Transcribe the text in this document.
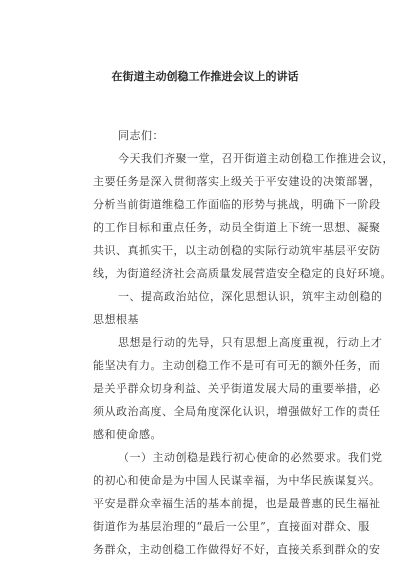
在街道主动创稳工作推进会议上的讲话
同志们：
今天我们齐聚一堂，召开街道主动创稳工作推进会议，
主要任务是深入贯彻落实上级关于平安建设的决策部署，
分析当前街道维稳工作面临的形势与挑战，明确下一阶段
的工作目标和重点任务，动员全街道上下统一思想、凝聚
共识、真抓实干，以主动创稳的实际行动筑牢基层平安防
线，为街道经济社会高质量发展营造安全稳定的良好环境。
一、提高政治站位，深化思想认识，筑牢主动创稳的
思想根基
思想是行动的先导，只有思想上高度重视，行动上才
能坚决有力。主动创稳工作不是可有可无的额外任务，而
是关乎群众切身利益、关乎街道发展大局的重要举措，必
须从政治高度、全局角度深化认识，增强做好工作的责任
感和使命感。
（一）主动创稳是践行初心使命的必然要求。我们党
的初心和使命是为中国人民谋幸福，为中华民族谋复兴。
平安是群众幸福生活的基本前提，也是最普惠的民生福祉
街道作为基层治理的“最后一公里”，直接面对群众、服
务群众，主动创稳工作做得好不好，直接关系到群众的安
